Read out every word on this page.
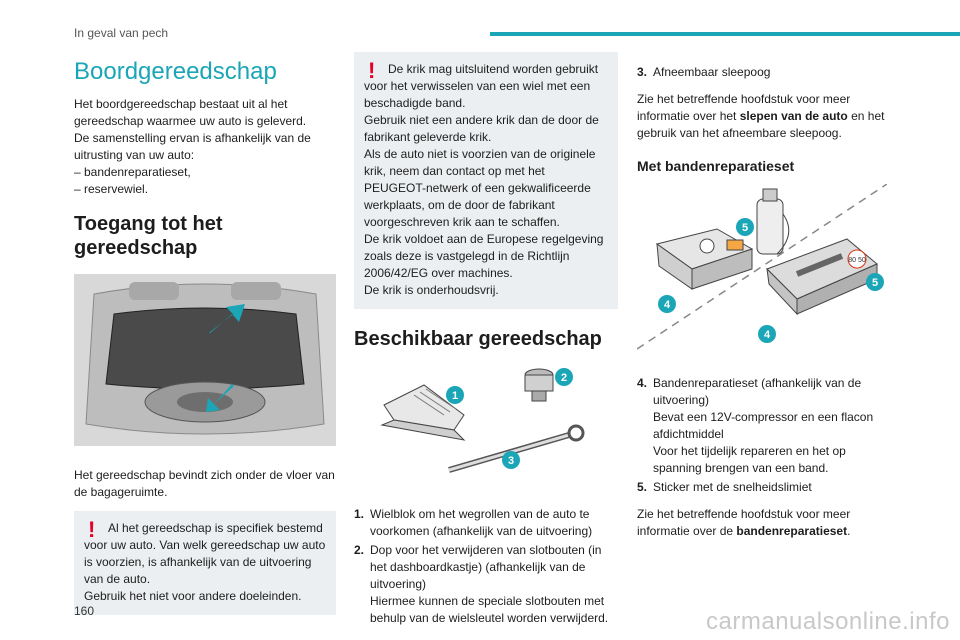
In geval van pech
Boordgereedschap

Het boordgereedschap bestaat uit al het gereedschap waarmee uw auto is geleverd.
De samenstelling ervan is afhankelijk van de uitrusting van uw auto:
– bandenreparatieset,
– reservewiel.

Toegang tot het gereedschap

Het gereedschap bevindt zich onder de vloer van de bagageruimte.

!	Al het gereedschap is specifiek bestemd voor uw auto. Van welk gereedschap uw auto is voorzien, is afhankelijk van de uitvoering van de auto.
Gebruik het niet voor andere doeleinden.
!	De krik mag uitsluitend worden gebruikt voor het verwisselen van een wiel met een beschadigde band.
Gebruik niet een andere krik dan de door de fabrikant geleverde krik.
Als de auto niet is voorzien van de originele krik, neem dan contact op met het PEUGEOT-netwerk of een gekwalificeerde werkplaats, om de door de fabrikant voorgeschreven krik aan te schaffen.
De krik voldoet aan de Europese regelgeving zoals deze is vastgelegd in de Richtlijn 2006/42/EG over machines.
De krik is onderhoudsvrij.
Beschikbaar gereedschap
1
2
3
1. Wielblok om het wegrollen van de auto te voorkomen (afhankelijk van de uitvoering)
2. Dop voor het verwijderen van slotbouten (in het dashboardkastje) (afhankelijk van de uitvoering)
Hiermee kunnen de speciale slotbouten met behulp van de wielsleutel worden verwijderd.
3. Afneembaar sleepoog

Zie het betreffende hoofdstuk voor meer informatie over het slepen van de auto en het gebruik van het afneembare sleepoog.

Met bandenreparatieset
80 50
5
5
4
4
4. Bandenreparatieset (afhankelijk van de uitvoering)
Bevat een 12V-compressor en een flacon afdichtmiddel
Voor het tijdelijk repareren en het op spanning brengen van een band.
5. Sticker met de snelheidslimiet

Zie het betreffende hoofdstuk voor meer informatie over de bandenreparatieset.

160	carmanualsonline.info
